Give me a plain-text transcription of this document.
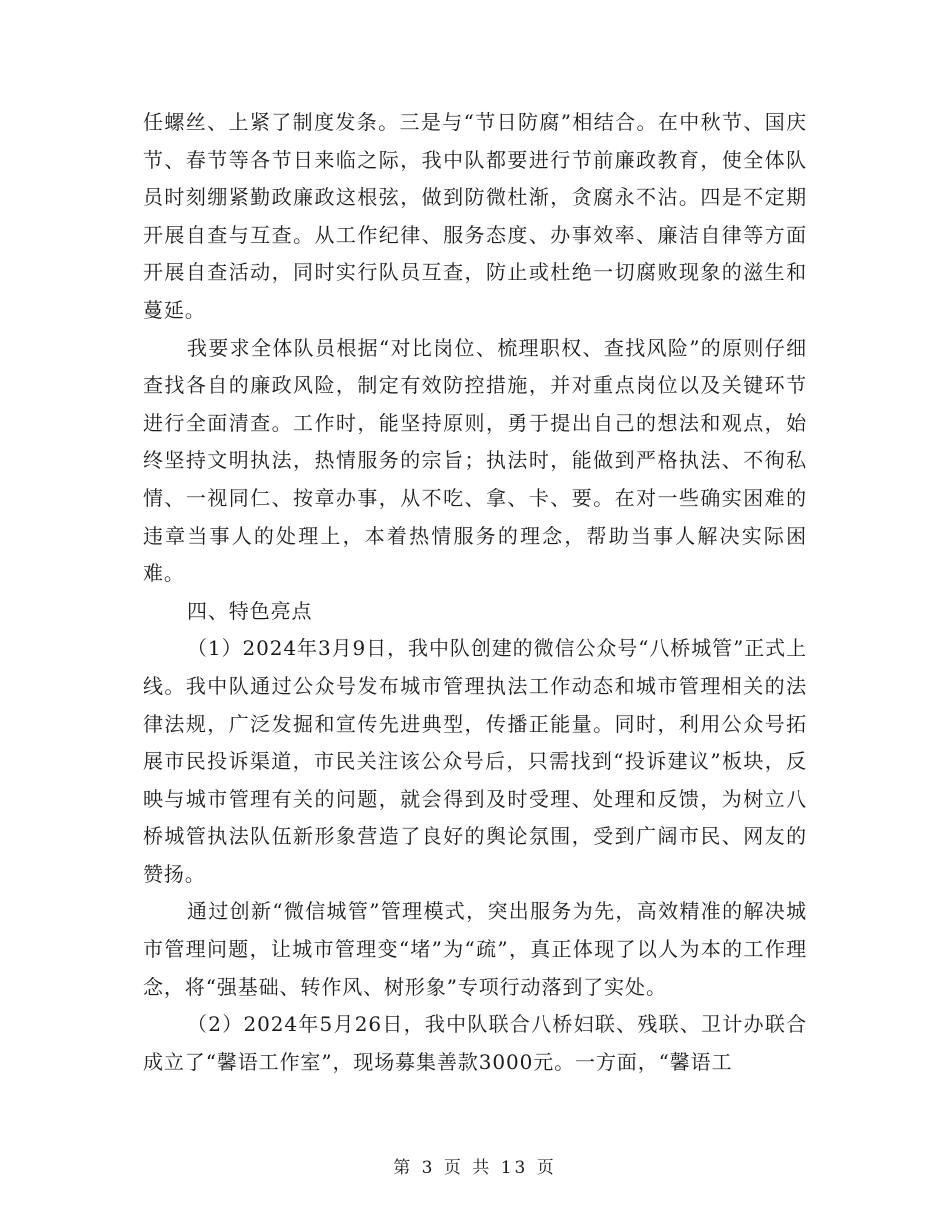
任螺丝、上紧了制度发条。三是与“节日防腐”相结合。在中秋节、国庆节、春节等各节日来临之际，我中队都要进行节前廉政教育，使全体队员时刻绷紧勤政廉政这根弦，做到防微杜渐，贪腐永不沾。四是不定期开展自查与互查。从工作纪律、服务态度、办事效率、廉洁自律等方面开展自查活动，同时实行队员互查，防止或杜绝一切腐败现象的滋生和蔓延。

我要求全体队员根据“对比岗位、梳理职权、查找风险”的原则仔细查找各自的廉政风险，制定有效防控措施，并对重点岗位以及关键环节进行全面清查。工作时，能坚持原则，勇于提出自己的想法和观点，始终坚持文明执法，热情服务的宗旨；执法时，能做到严格执法、不徇私情、一视同仁、按章办事，从不吃、拿、卡、要。在对一些确实困难的违章当事人的处理上，本着热情服务的理念，帮助当事人解决实际困难。

四、特色亮点

（1）2024年3月9日，我中队创建的微信公众号“八桥城管”正式上线。我中队通过公众号发布城市管理执法工作动态和城市管理相关的法律法规，广泛发掘和宣传先进典型，传播正能量。同时，利用公众号拓展市民投诉渠道，市民关注该公众号后，只需找到“投诉建议”板块，反映与城市管理有关的问题，就会得到及时受理、处理和反馈，为树立八桥城管执法队伍新形象营造了良好的舆论氛围，受到广阔市民、网友的赞扬。

通过创新“微信城管”管理模式，突出服务为先，高效精准的解决城市管理问题，让城市管理变“堵”为“疏”，真正体现了以人为本的工作理念，将“强基础、转作风、树形象”专项行动落到了实处。

（2）2024年5月26日，我中队联合八桥妇联、残联、卫计办联合成立了“馨语工作室”，现场募集善款3000元。一方面，“馨语工

第 3 页 共 13 页
